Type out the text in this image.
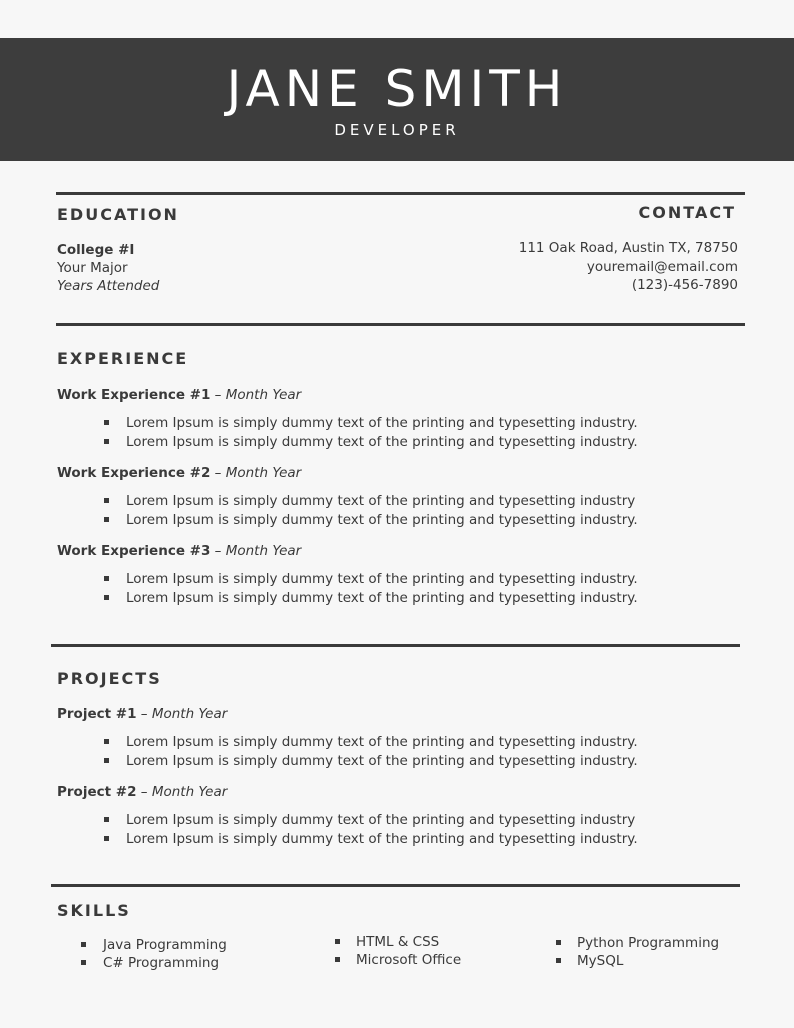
JANE SMITH
DEVELOPER
EDUCATION
College #I
Your Major
Years Attended
CONTACT
111 Oak Road, Austin TX, 78750
youremail@email.com
(123)-456-7890
EXPERIENCE
Work Experience #1 – Month Year
Lorem Ipsum is simply dummy text of the printing and typesetting industry.
Lorem Ipsum is simply dummy text of the printing and typesetting industry.
Work Experience #2 – Month Year
Lorem Ipsum is simply dummy text of the printing and typesetting industry
Lorem Ipsum is simply dummy text of the printing and typesetting industry.
Work Experience #3 – Month Year
Lorem Ipsum is simply dummy text of the printing and typesetting industry.
Lorem Ipsum is simply dummy text of the printing and typesetting industry.
PROJECTS
Project #1 – Month Year
Lorem Ipsum is simply dummy text of the printing and typesetting industry.
Lorem Ipsum is simply dummy text of the printing and typesetting industry.
Project #2 – Month Year
Lorem Ipsum is simply dummy text of the printing and typesetting industry
Lorem Ipsum is simply dummy text of the printing and typesetting industry.
SKILLS
Java Programming
C# Programming
HTML & CSS
Microsoft Office
Python Programming
MySQL
